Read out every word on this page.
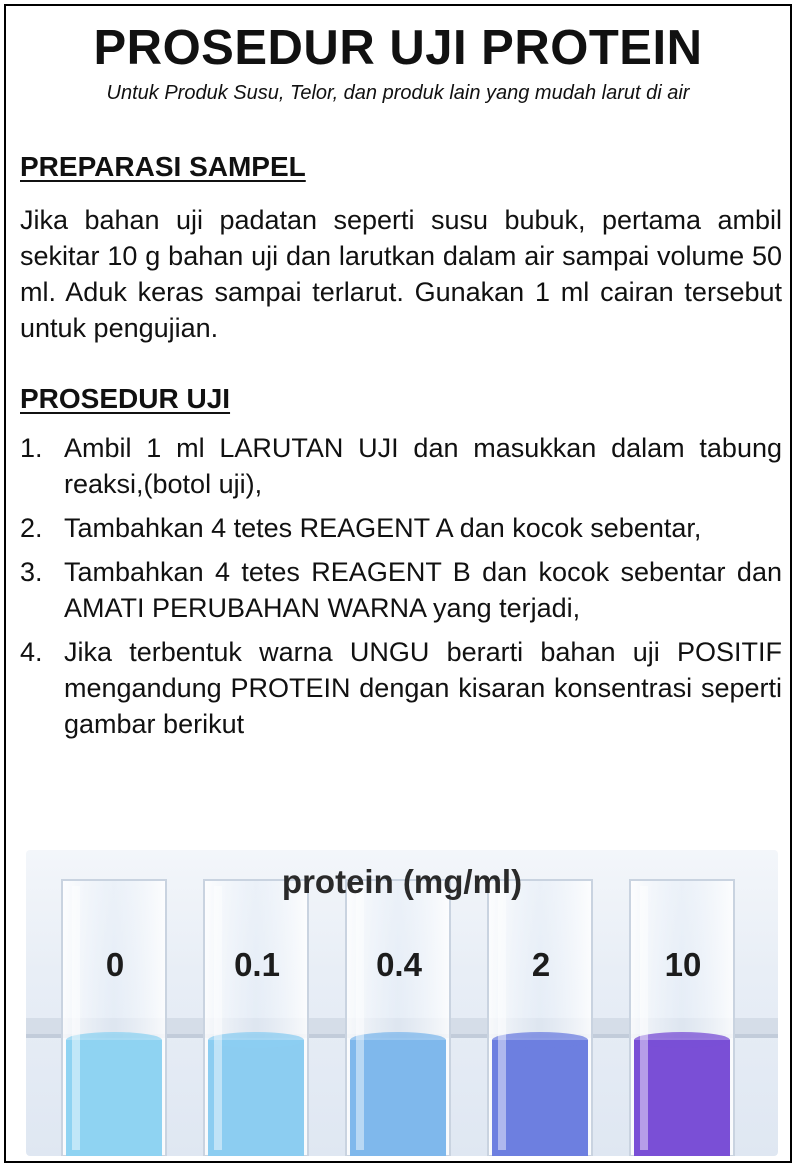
PROSEDUR UJI PROTEIN
Untuk Produk Susu, Telor, dan produk lain yang mudah larut di air
PREPARASI SAMPEL
Jika bahan uji padatan seperti susu bubuk, pertama ambil sekitar 10 g bahan uji dan larutkan dalam air sampai volume 50 ml. Aduk keras sampai terlarut. Gunakan 1 ml cairan tersebut untuk pengujian.
PROSEDUR UJI
1. Ambil 1 ml LARUTAN UJI dan masukkan dalam tabung reaksi,(botol uji),
2. Tambahkan 4 tetes REAGENT A dan kocok sebentar,
3. Tambahkan 4 tetes REAGENT B dan kocok sebentar dan AMATI PERUBAHAN WARNA yang terjadi,
4. Jika terbentuk warna UNGU berarti bahan uji POSITIF mengandung PROTEIN dengan kisaran konsentrasi seperti gambar berikut
protein (mg/ml)
0	0.1	0.4	2	10
